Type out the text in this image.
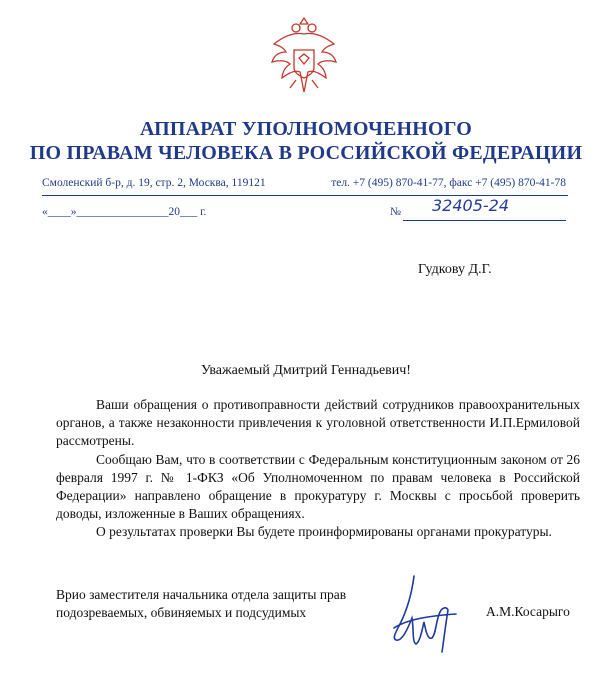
АППАРАТ УПОЛНОМОЧЕННОГО
ПО ПРАВАМ ЧЕЛОВЕКА В РОССИЙСКОЙ ФЕДЕРАЦИИ
Смоленский б-р, д. 19, стр. 2, Москва, 119121	тел. +7 (495) 870-41-77, факс +7 (495) 870-41-78
«____»________________20___ г.	№ 32405-24
Гудкову Д.Г.
Уважаемый Дмитрий Геннадьевич!

Ваши обращения о противоправности действий сотрудников правоохранительных органов, а также незаконности привлечения к уголовной ответственности И.П.Ермиловой рассмотрены.

Сообщаю Вам, что в соответствии с Федеральным конституционным законом от 26 февраля 1997 г. № 1-ФКЗ «Об Уполномоченном по правам человека в Российской Федерации» направлено обращение в прокуратуру г. Москвы с просьбой проверить доводы, изложенные в Ваших обращениях.

О результатах проверки Вы будете проинформированы органами прокуратуры.

Врио заместителя начальника отдела защиты прав
подозреваемых, обвиняемых и подсудимых	А.М.Косарыго
